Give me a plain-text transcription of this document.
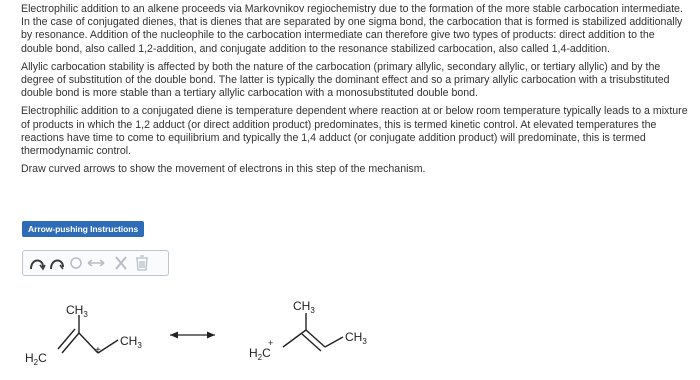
Electrophilic addition to an alkene proceeds via Markovnikov regiochemistry due to the formation of the more stable carbocation intermediate. In the case of conjugated dienes, that is dienes that are separated by one sigma bond, the carbocation that is formed is stabilized additionally by resonance. Addition of the nucleophile to the carbocation intermediate can therefore give two types of products: direct addition to the double bond, also called 1,2-addition, and conjugate addition to the resonance stabilized carbocation, also called 1,4-addition.

Allylic carbocation stability is affected by both the nature of the carbocation (primary allylic, secondary allylic, or tertiary allylic) and by the degree of substitution of the double bond. The latter is typically the dominant effect and so a primary allylic carbocation with a trisubstituted double bond is more stable than a tertiary allylic carbocation with a monosubstituted double bond.

Electrophilic addition to a conjugated diene is temperature dependent where reaction at or below room temperature typically leads to a mixture of products in which the 1,2 adduct (or direct addition product) predominates, this is termed kinetic control. At elevated temperatures the reactions have time to come to equilibrium and typically the 1,4 adduct (or conjugate addition product) will predominate, this is termed thermodynamic control.

Draw curved arrows to show the movement of electrons in this step of the mechanism.

Arrow-pushing Instructions
$CH_3$
$CH_3$
$H_2C$
+
$CH_3$
$CH_3$
$H_2C$
+
